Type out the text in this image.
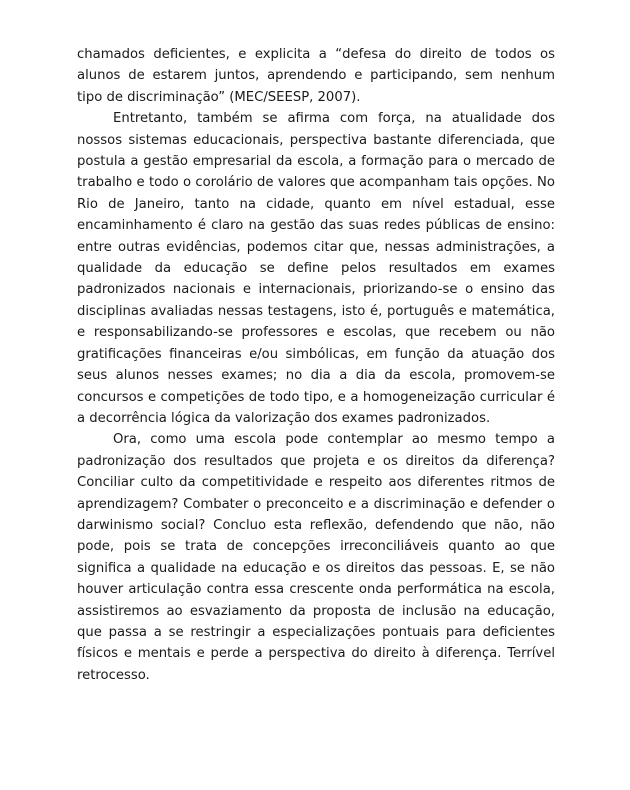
chamados deficientes, e explicita a “defesa do direito de todos os alunos de estarem juntos, aprendendo e participando, sem nenhum tipo de discriminação” (MEC/SEESP, 2007).

Entretanto, também se afirma com força, na atualidade dos nossos sistemas educacionais, perspectiva bastante diferenciada, que postula a gestão empresarial da escola, a formação para o mercado de trabalho e todo o corolário de valores que acompanham tais opções. No Rio de Janeiro, tanto na cidade, quanto em nível estadual, esse encaminhamento é claro na gestão das suas redes públicas de ensino: entre outras evidências, podemos citar que, nessas administrações, a qualidade da educação se define pelos resultados em exames padronizados nacionais e internacionais, priorizando-se o ensino das disciplinas avaliadas nessas testagens, isto é, português e matemática, e responsabilizando-se professores e escolas, que recebem ou não gratificações financeiras e/ou simbólicas, em função da atuação dos seus alunos nesses exames; no dia a dia da escola, promovem-se concursos e competições de todo tipo, e a homogeneização curricular é a decorrência lógica da valorização dos exames padronizados.

Ora, como uma escola pode contemplar ao mesmo tempo a padronização dos resultados que projeta e os direitos da diferença? Conciliar culto da competitividade e respeito aos diferentes ritmos de aprendizagem? Combater o preconceito e a discriminação e defender o darwinismo social? Concluo esta reflexão, defendendo que não, não pode, pois se trata de concepções irreconciliáveis quanto ao que significa a qualidade na educação e os direitos das pessoas. E, se não houver articulação contra essa crescente onda performática na escola, assistiremos ao esvaziamento da proposta de inclusão na educação, que passa a se restringir a especializações pontuais para deficientes físicos e mentais e perde a perspectiva do direito à diferença. Terrível retrocesso.
